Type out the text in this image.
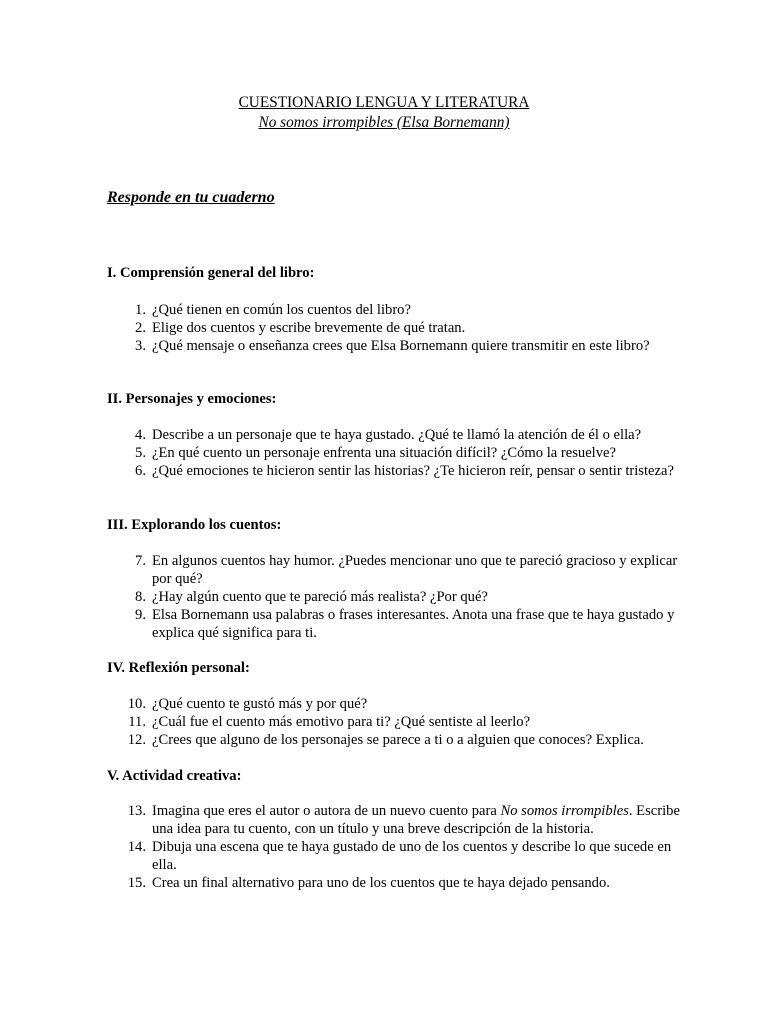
CUESTIONARIO LENGUA Y LITERATURA
No somos irrompibles (Elsa Bornemann)
Responde en tu cuaderno
I. Comprensión general del libro:
1. ¿Qué tienen en común los cuentos del libro?
2. Elige dos cuentos y escribe brevemente de qué tratan.
3. ¿Qué mensaje o enseñanza crees que Elsa Bornemann quiere transmitir en este libro?
II. Personajes y emociones:
4. Describe a un personaje que te haya gustado. ¿Qué te llamó la atención de él o ella?
5. ¿En qué cuento un personaje enfrenta una situación difícil? ¿Cómo la resuelve?
6. ¿Qué emociones te hicieron sentir las historias? ¿Te hicieron reír, pensar o sentir tristeza?
III. Explorando los cuentos:
7. En algunos cuentos hay humor. ¿Puedes mencionar uno que te pareció gracioso y explicar por qué?
8. ¿Hay algún cuento que te pareció más realista? ¿Por qué?
9. Elsa Bornemann usa palabras o frases interesantes. Anota una frase que te haya gustado y explica qué significa para ti.
IV. Reflexión personal:
10. ¿Qué cuento te gustó más y por qué?
11. ¿Cuál fue el cuento más emotivo para ti? ¿Qué sentiste al leerlo?
12. ¿Crees que alguno de los personajes se parece a ti o a alguien que conoces? Explica.
V. Actividad creativa:
13. Imagina que eres el autor o autora de un nuevo cuento para No somos irrompibles. Escribe una idea para tu cuento, con un título y una breve descripción de la historia.
14. Dibuja una escena que te haya gustado de uno de los cuentos y describe lo que sucede en ella.
15. Crea un final alternativo para uno de los cuentos que te haya dejado pensando.
